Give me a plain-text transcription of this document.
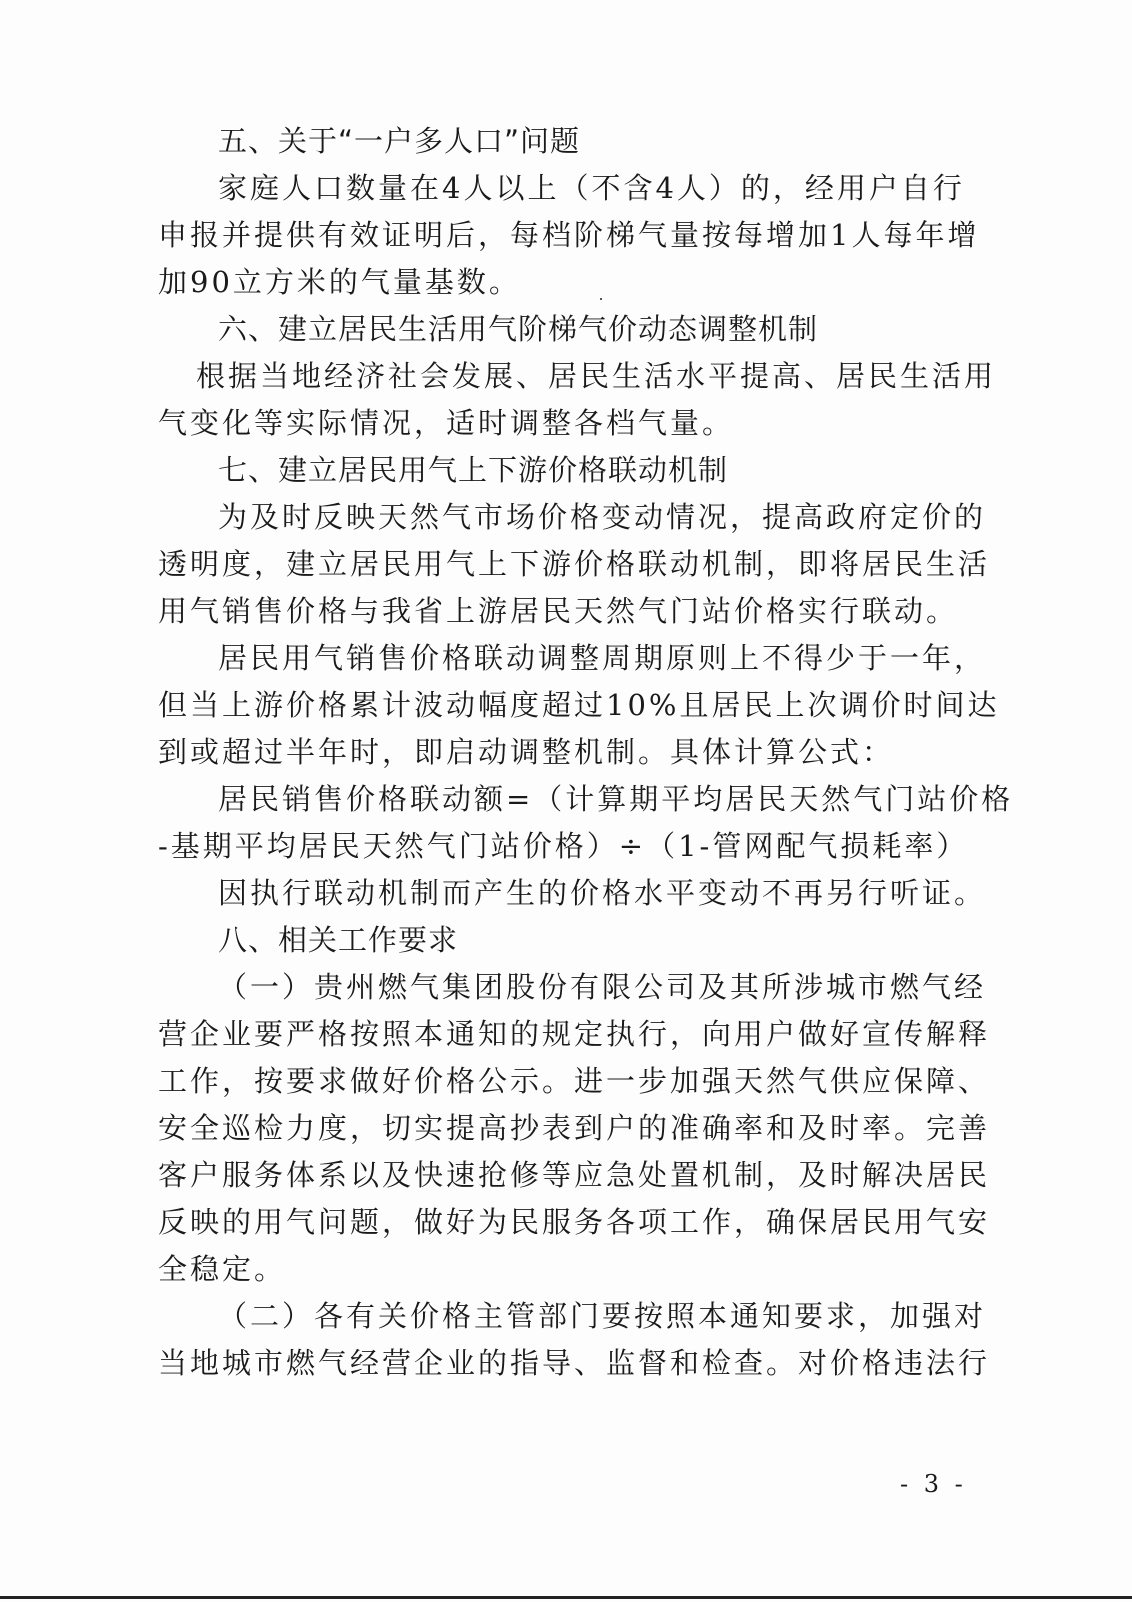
五、关于“一户多人口”问题
家庭人口数量在4人以上（不含4人）的，经用户自行
申报并提供有效证明后，每档阶梯气量按每增加1人每年增
加90立方米的气量基数。
六、建立居民生活用气阶梯气价动态调整机制
根据当地经济社会发展、居民生活水平提高、居民生活用
气变化等实际情况，适时调整各档气量。
七、建立居民用气上下游价格联动机制
为及时反映天然气市场价格变动情况，提高政府定价的
透明度，建立居民用气上下游价格联动机制，即将居民生活
用气销售价格与我省上游居民天然气门站价格实行联动。
居民用气销售价格联动调整周期原则上不得少于一年，
但当上游价格累计波动幅度超过10%且居民上次调价时间达
到或超过半年时，即启动调整机制。具体计算公式：
居民销售价格联动额=（计算期平均居民天然气门站价格
-基期平均居民天然气门站价格）÷（1-管网配气损耗率）
因执行联动机制而产生的价格水平变动不再另行听证。
八、相关工作要求
（一）贵州燃气集团股份有限公司及其所涉城市燃气经
营企业要严格按照本通知的规定执行，向用户做好宣传解释
工作，按要求做好价格公示。进一步加强天然气供应保障、
安全巡检力度，切实提高抄表到户的准确率和及时率。完善
客户服务体系以及快速抢修等应急处置机制，及时解决居民
反映的用气问题，做好为民服务各项工作，确保居民用气安
全稳定。
（二）各有关价格主管部门要按照本通知要求，加强对
当地城市燃气经营企业的指导、监督和检查。对价格违法行
- 3 -
